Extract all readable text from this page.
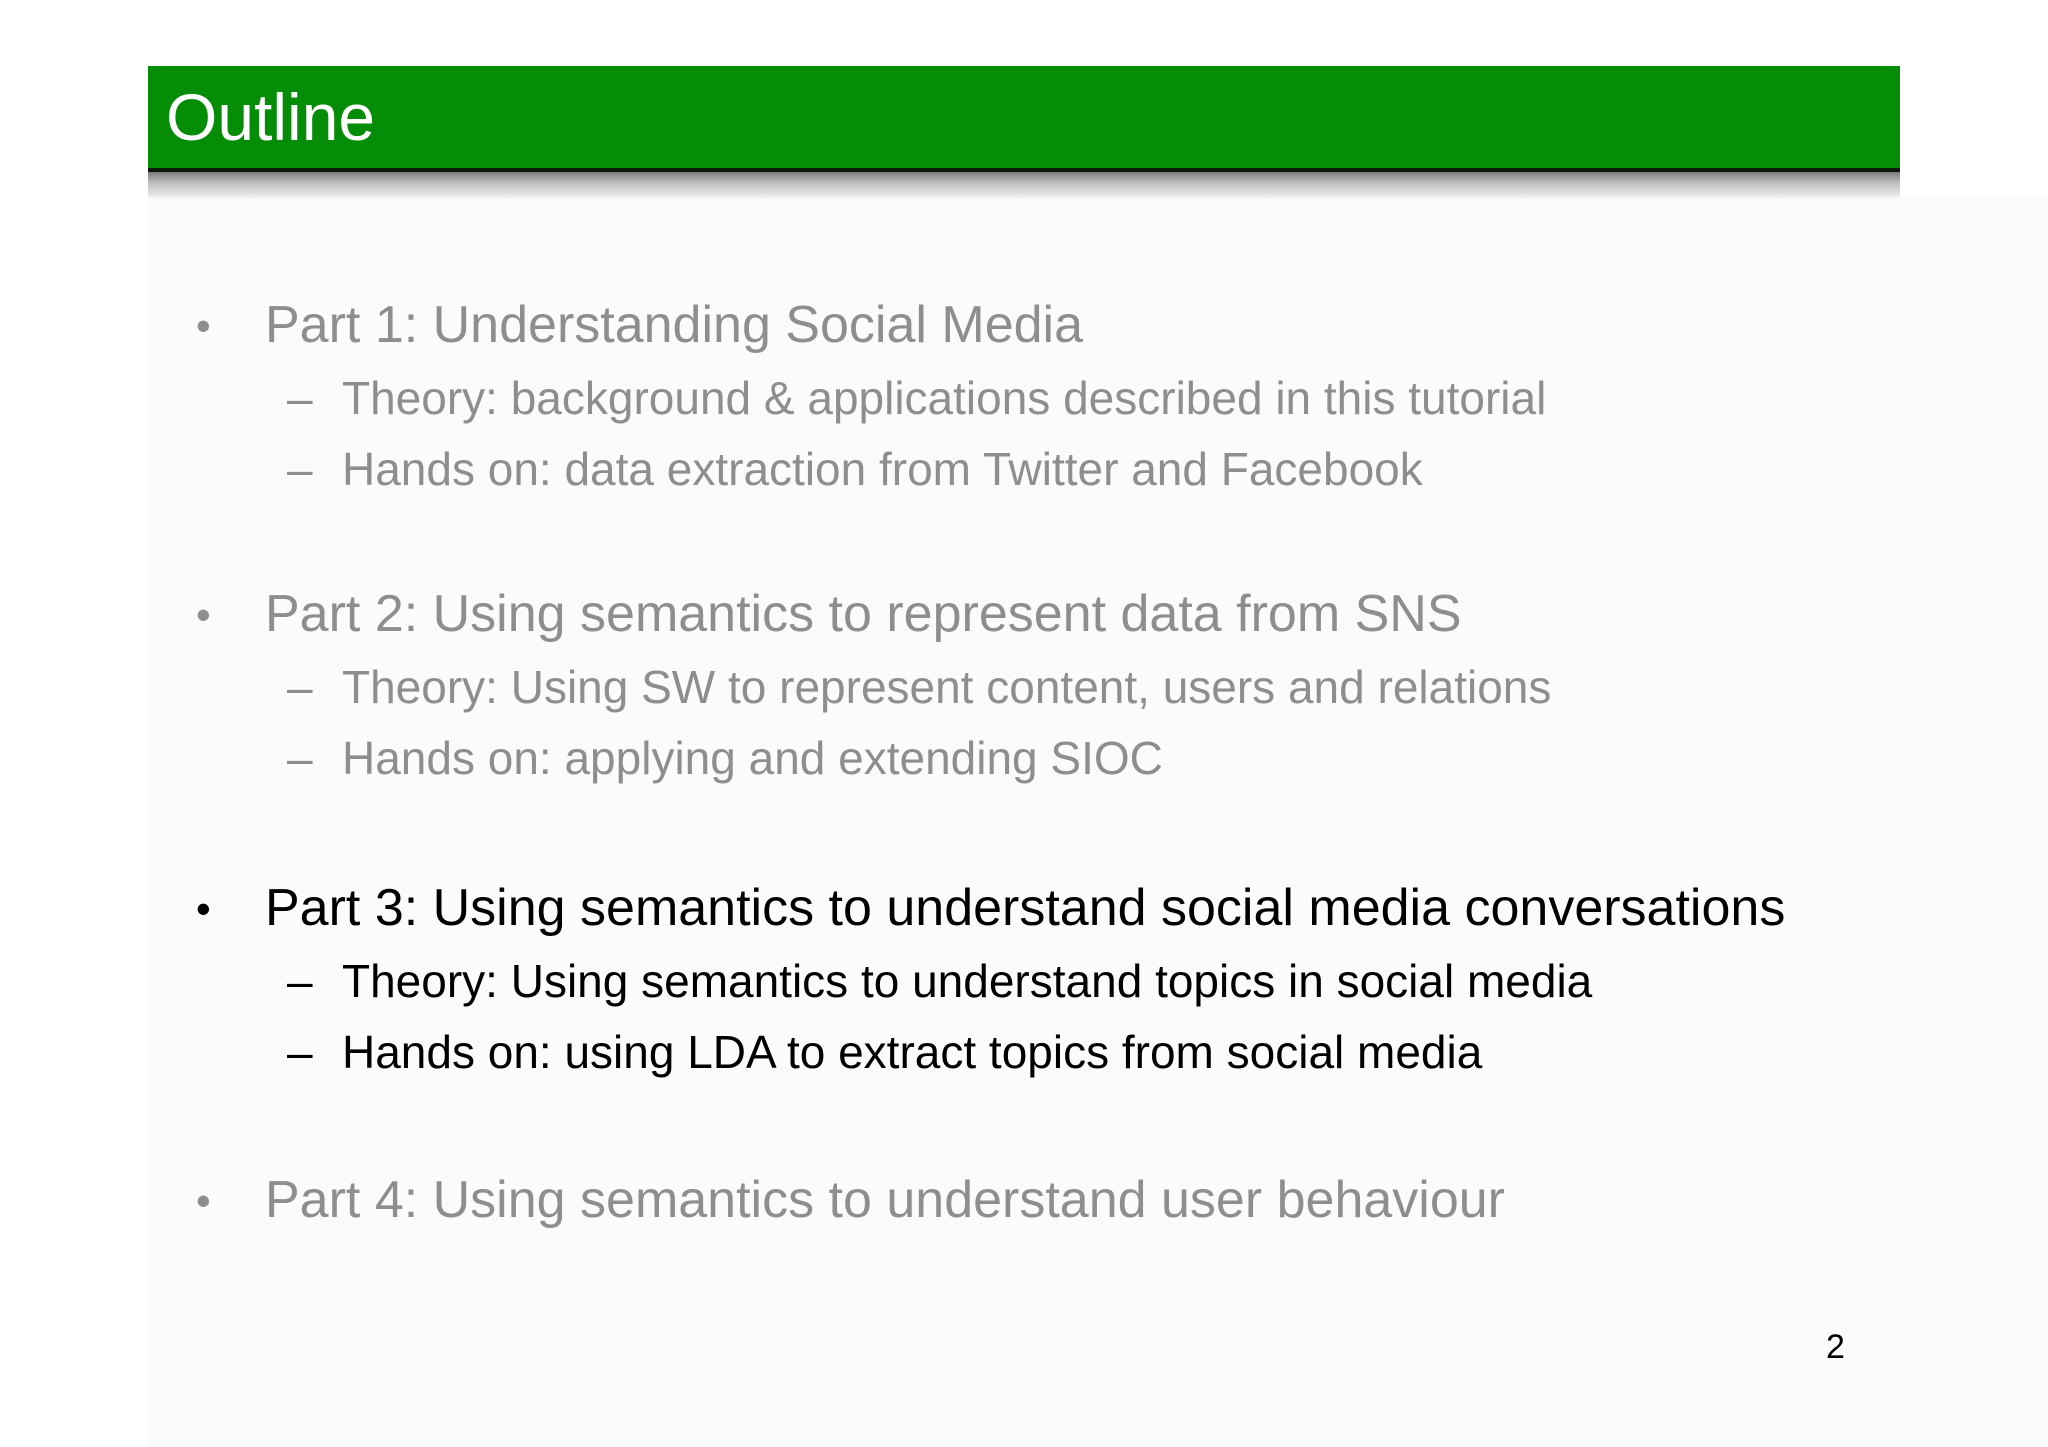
Outline
• Part 1: Understanding Social Media
– Theory: background & applications described in this tutorial
– Hands on: data extraction from Twitter and Facebook
• Part 2: Using semantics to represent data from SNS
– Theory: Using SW to represent content, users and relations
– Hands on: applying and extending SIOC
• Part 3: Using semantics to understand social media conversations
– Theory: Using semantics to understand topics in social media
– Hands on: using LDA to extract topics from social media
• Part 4: Using semantics to understand user behaviour
2
